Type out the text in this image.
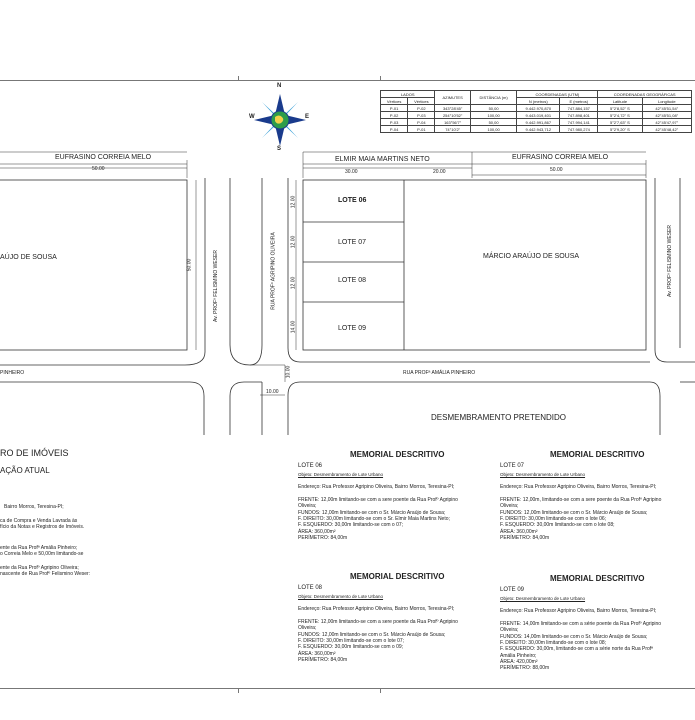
N
S
W	E
LADOS		AZIMUTES	DISTÂNCIA (m)	COORDENADAS (UTM)		COORDENADAS GEOGRÁFICAS	
Vértices	Vértices			N (metros)	E (metros)	Latitude	Longitude
P-01	P-02	343°28'45"	50,00	9.442.970,870	747.884,157	5°2'8,52" S	42°45'51,54"
P-02	P-03	254°10'52"	100,00	9.443.019,401	747.898,401	5°2'4,72" S	42°45'51,08"
P-03	P-04	163°56'7"	50,00	9.442.991,867	747.994,141	5°2'7,63" S	42°45'47,97"
P-04	P-01	74°10'2"	100,00	9.442.943,712	747.980,274	5°2'9,20" S	42°45'48,42"
EUFRASINO CORREIA MELO
50.00
AÚJO DE SOUSA
50.00	Av. PROFº FELISMINO WESER
PINHEIRO
RUA PROFº AGRIPINO OLIVEIRA
ELMIR MAIA MARTINS NETO	EUFRASINO CORREIA MELO
30.00	20.00	50.00
12.00
12.00
12.00
14.00
LOTE 06
LOTE 07
LOTE 08
LOTE 09
MÁRCIO ARAÚJO DE SOUSA	Av. PROFº FELISMINO WESER
RUA PROFª AMÁLIA PINHEIRO
10.00
10.00
DESMEMBRAMENTO PRETENDIDO
RO DE IMÓVEIS
AÇÃO ATUAL
Bairro Morros, Teresina-PI;
ca de Compra e Venda Lavrada às
fício da Notas e Registros de Imóveis.
ente da Rua Profª Amália Pinheiro;
o Correia Melo e 50,00m limitando-se
ente da Rua Profº Agripino Oliveira;
nascente de Rua Profº Felismino Weser:
MEMORIAL DESCRITIVO
LOTE 06
Objeto: Desmembramento de Lote Urbano
Endereço: Rua Professor Agripino Oliveira, Bairro Morros, Teresina-PI;
FRENTE: 12,00m limitando-se com a sere poente da Rua Profº Agripino
Oliveira;
FUNDOS: 12,00m limitando-se com o Sr. Márcio Araújo de Sousa;
F. DIREITO: 30,00m limitando-se com o Sr. Elmir Maia Martins Neto;
F. ESQUERDO: 30,00m limitando-se com o 07;
ÁREA: 360,00m²
PERÍMETRO: 84,00m
MEMORIAL DESCRITIVO
LOTE 07
Objeto: Desmembramento de Lote Urbano
Endereço: Rua Professor Agripino Oliveira, Bairro Morros, Teresina-PI;
FRENTE: 12,00m, limitando-se com a sere poente da Rua Profº Agripino
Oliveira;
FUNDOS: 12,00m limitando-se com o Sr. Márcio Araújo de Sousa;
F. DIREITO: 30,00m limitando-se com o lote 06;
F. ESQUERDO: 30,00m limitando-se com o lote 08;
ÁREA: 360,00m²
PERÍMETRO: 84,00m
MEMORIAL DESCRITIVO
LOTE 08
Objeto: Desmembramento de Lote Urbano
Endereço: Rua Professor Agripino Oliveira, Bairro Morros, Teresina-PI;
FRENTE: 12,00m limitando-se com a sere poente da Rua Profº Agripino
Oliveira;
FUNDOS: 12,00m limitando-se com o Sr. Márcio Araújo de Sousa;
F. DIREITO: 30,00m limitando-se com o lote 07;
F. ESQUERDO: 30,00m limitando-se com o 09;
ÁREA: 360,00m²
PERÍMETRO: 84,00m
MEMORIAL DESCRITIVO
LOTE 09
Objeto: Desmembramento de Lote Urbano
Endereço: Rua Professor Agripino Oliveira, Bairro Morros, Teresina-PI;
FRENTE: 14,00m limitando-se com a série poente da Rua Profº Agripino
Oliveira;
FUNDOS: 14,00m limitando-se com o Sr. Márcio Araújo de Sousa;
F. DIREITO: 30,00m limitando-se com o lote 08;
F. ESQUERDO: 30,00m, limitando-se com a série norte da Rua Profª
Amália Pinheiro;
ÁREA: 420,00m²
PERÍMETRO: 88,00m
